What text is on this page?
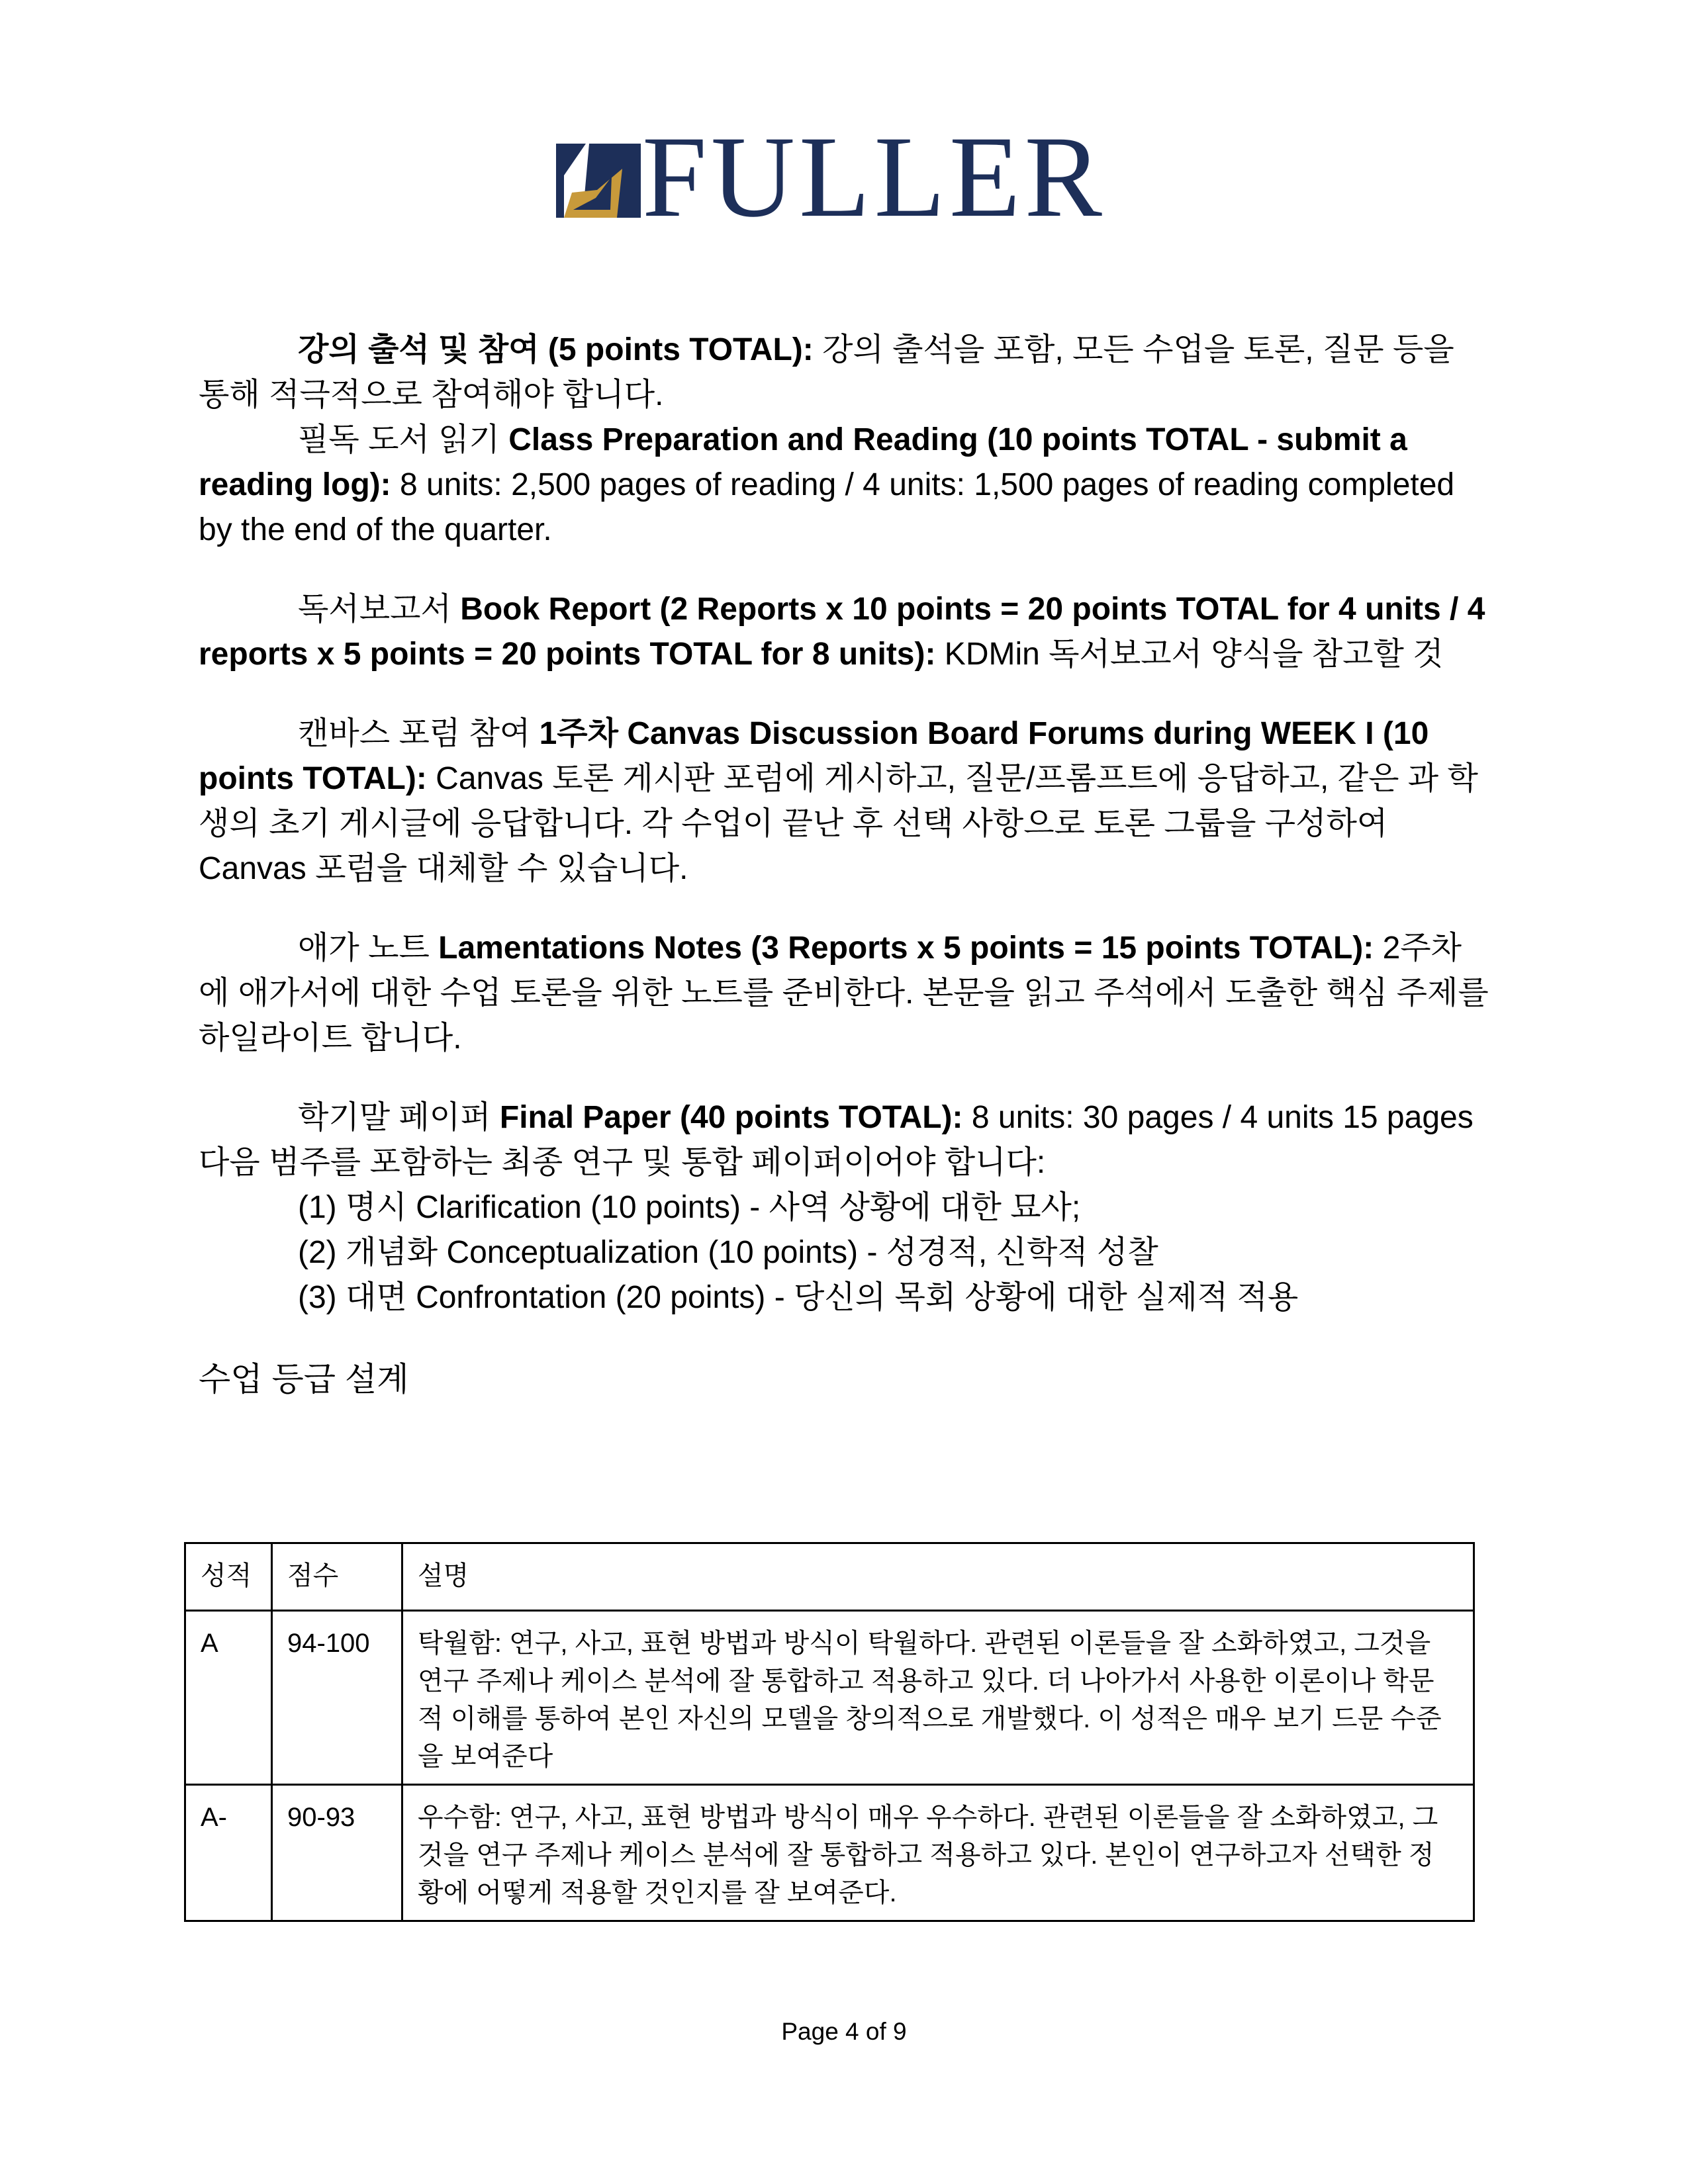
FULLER

강의 출석 및 참여 (5 points TOTAL): 강의 출석을 포함, 모든 수업을 토론, 질문 등을 통해 적극적으로 참여해야 합니다.

필독 도서 읽기 Class Preparation and Reading (10 points TOTAL - submit a reading log): 8 units: 2,500 pages of reading / 4 units: 1,500 pages of reading completed by the end of the quarter.

독서보고서 Book Report (2 Reports x 10 points = 20 points TOTAL for 4 units / 4 reports x 5 points = 20 points TOTAL for 8 units): KDMin 독서보고서 양식을 참고할 것

캔바스 포럼 참여 1주차 Canvas Discussion Board Forums during WEEK I (10 points TOTAL): Canvas 토론 게시판 포럼에 게시하고, 질문/프롬프트에 응답하고, 같은 과 학생의 초기 게시글에 응답합니다. 각 수업이 끝난 후 선택 사항으로 토론 그룹을 구성하여 Canvas 포럼을 대체할 수 있습니다.

애가 노트 Lamentations Notes (3 Reports x 5 points = 15 points TOTAL): 2주차에 애가서에 대한 수업 토론을 위한 노트를 준비한다. 본문을 읽고 주석에서 도출한 핵심 주제를 하일라이트 합니다.

학기말 페이퍼 Final Paper (40 points TOTAL): 8 units: 30 pages / 4 units 15 pages

다음 범주를 포함하는 최종 연구 및 통합 페이퍼이어야 합니다:

(1) 명시 Clarification (10 points) - 사역 상황에 대한 묘사;

(2) 개념화 Conceptualization (10 points) - 성경적, 신학적 성찰

(3) 대면 Confrontation (20 points) - 당신의 목회 상황에 대한 실제적 적용

수업 등급 설계

성적	점수	설명
A	94-100	탁월함: 연구, 사고, 표현 방법과 방식이 탁월하다. 관련된 이론들을 잘 소화하였고, 그것을 연구 주제나 케이스 분석에 잘 통합하고 적용하고 있다. 더 나아가서 사용한 이론이나 학문적 이해를 통하여 본인 자신의 모델을 창의적으로 개발했다. 이 성적은 매우 보기 드문 수준을 보여준다
A-	90-93	우수함: 연구, 사고, 표현 방법과 방식이 매우 우수하다. 관련된 이론들을 잘 소화하였고, 그것을 연구 주제나 케이스 분석에 잘 통합하고 적용하고 있다. 본인이 연구하고자 선택한 정황에 어떻게 적용할 것인지를 잘 보여준다.
Page 4 of 9
